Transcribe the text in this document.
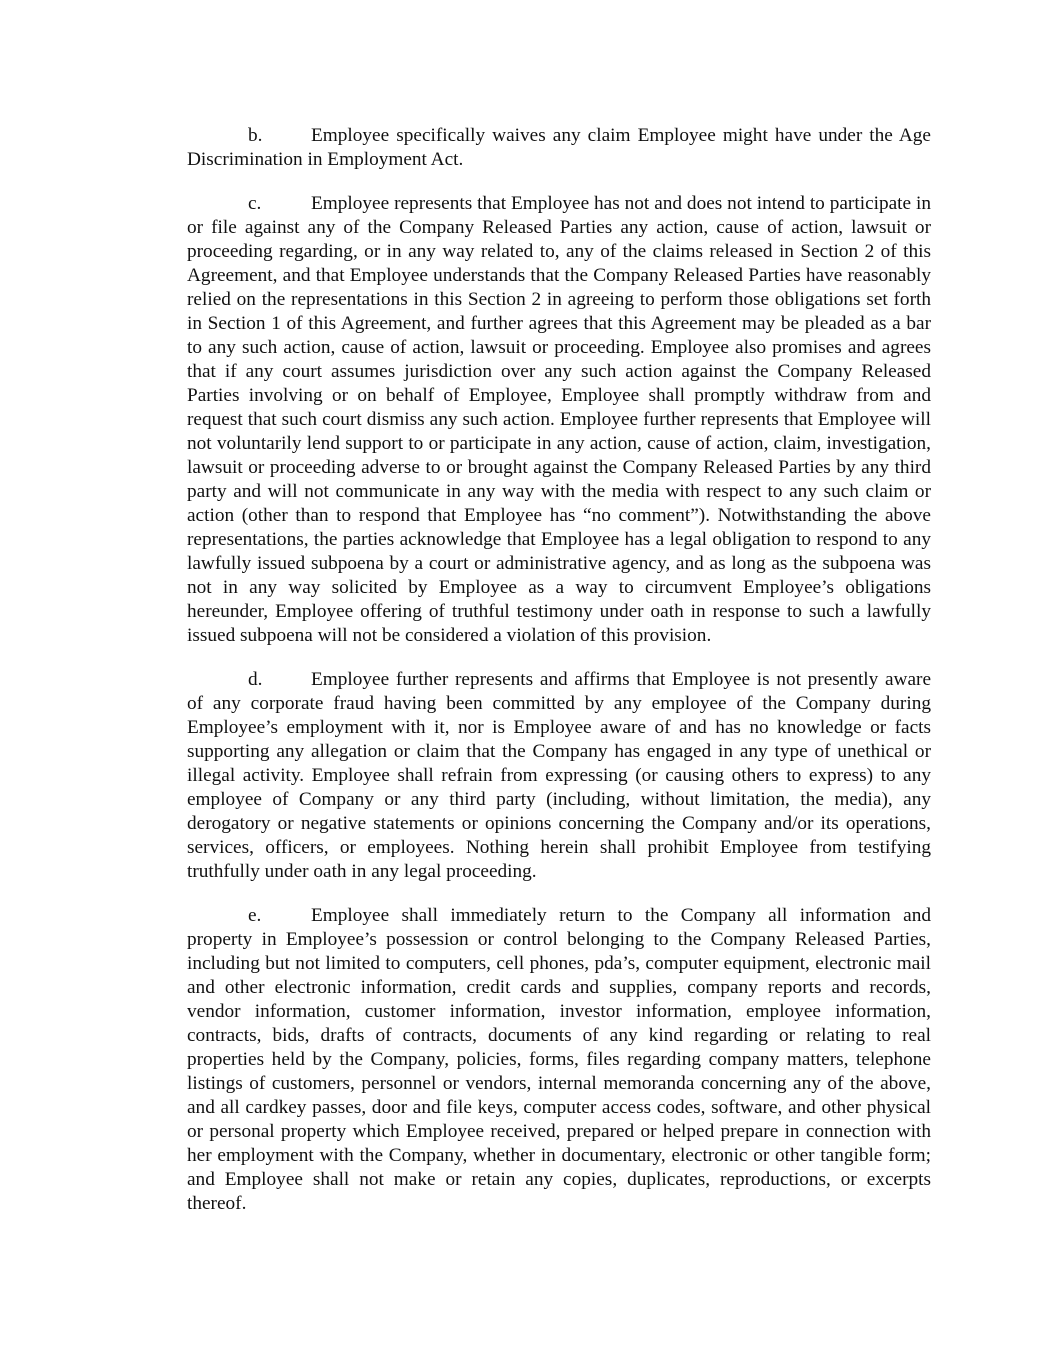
b.	Employee specifically waives any claim Employee might have under the Age Discrimination in Employment Act.

c.	Employee represents that Employee has not and does not intend to participate in or file against any of the Company Released Parties any action, cause of action, lawsuit or proceeding regarding, or in any way related to, any of the claims released in Section 2 of this Agreement, and that Employee understands that the Company Released Parties have reasonably relied on the representations in this Section 2 in agreeing to perform those obligations set forth in Section 1 of this Agreement, and further agrees that this Agreement may be pleaded as a bar to any such action, cause of action, lawsuit or proceeding. Employee also promises and agrees that if any court assumes jurisdiction over any such action against the Company Released Parties involving or on behalf of Employee, Employee shall promptly withdraw from and request that such court dismiss any such action. Employee further represents that Employee will not voluntarily lend support to or participate in any action, cause of action, claim, investigation, lawsuit or proceeding adverse to or brought against the Company Released Parties by any third party and will not communicate in any way with the media with respect to any such claim or action (other than to respond that Employee has “no comment”). Notwithstanding the above representations, the parties acknowledge that Employee has a legal obligation to respond to any lawfully issued subpoena by a court or administrative agency, and as long as the subpoena was not in any way solicited by Employee as a way to circumvent Employee’s obligations hereunder, Employee offering of truthful testimony under oath in response to such a lawfully issued subpoena will not be considered a violation of this provision.

d.	Employee further represents and affirms that Employee is not presently aware of any corporate fraud having been committed by any employee of the Company during Employee’s employment with it, nor is Employee aware of and has no knowledge or facts supporting any allegation or claim that the Company has engaged in any type of unethical or illegal activity. Employee shall refrain from expressing (or causing others to express) to any employee of Company or any third party (including, without limitation, the media), any derogatory or negative statements or opinions concerning the Company and/or its operations, services, officers, or employees. Nothing herein shall prohibit Employee from testifying truthfully under oath in any legal proceeding.

e.	Employee shall immediately return to the Company all information and property in Employee’s possession or control belonging to the Company Released Parties, including but not limited to computers, cell phones, pda’s, computer equipment, electronic mail and other electronic information, credit cards and supplies, company reports and records, vendor information, customer information, investor information, employee information, contracts, bids, drafts of contracts, documents of any kind regarding or relating to real properties held by the Company, policies, forms, files regarding company matters, telephone listings of customers, personnel or vendors, internal memoranda concerning any of the above, and all cardkey passes, door and file keys, computer access codes, software, and other physical or personal property which Employee received, prepared or helped prepare in connection with her employment with the Company, whether in documentary, electronic or other tangible form; and Employee shall not make or retain any copies, duplicates, reproductions, or excerpts thereof.
